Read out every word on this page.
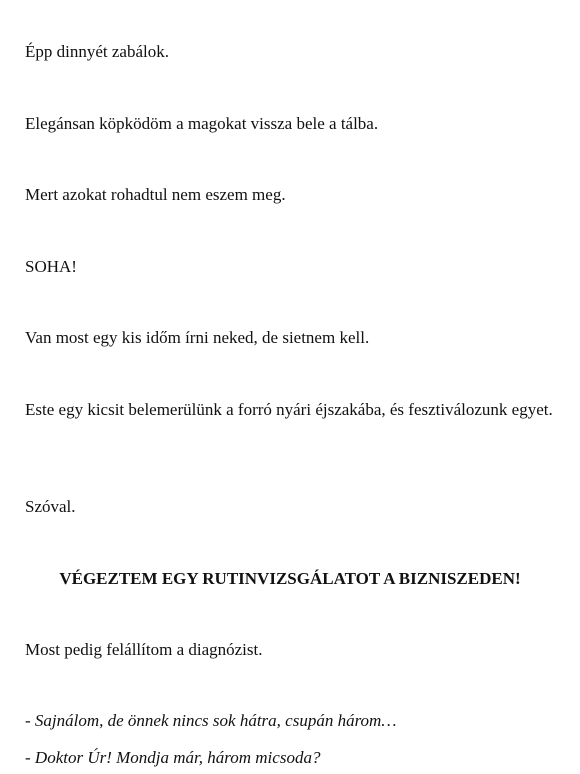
Épp dinnyét zabálok.

Elegánsan köpködöm a magokat vissza bele a tálba.

Mert azokat rohadtul nem eszem meg.

SOHA!

Van most egy kis időm írni neked, de sietnem kell.

Este egy kicsit belemerülünk a forró nyári éjszakába, és fesztiválozunk egyet.

Szóval.

VÉGEZTEM EGY RUTINVIZSGÁLATOT A BIZNISZEDEN!

Most pedig felállítom a diagnózist.

- Sajnálom, de önnek nincs sok hátra, csupán három…

- Doktor Úr! Mondja már, három micsoda?
